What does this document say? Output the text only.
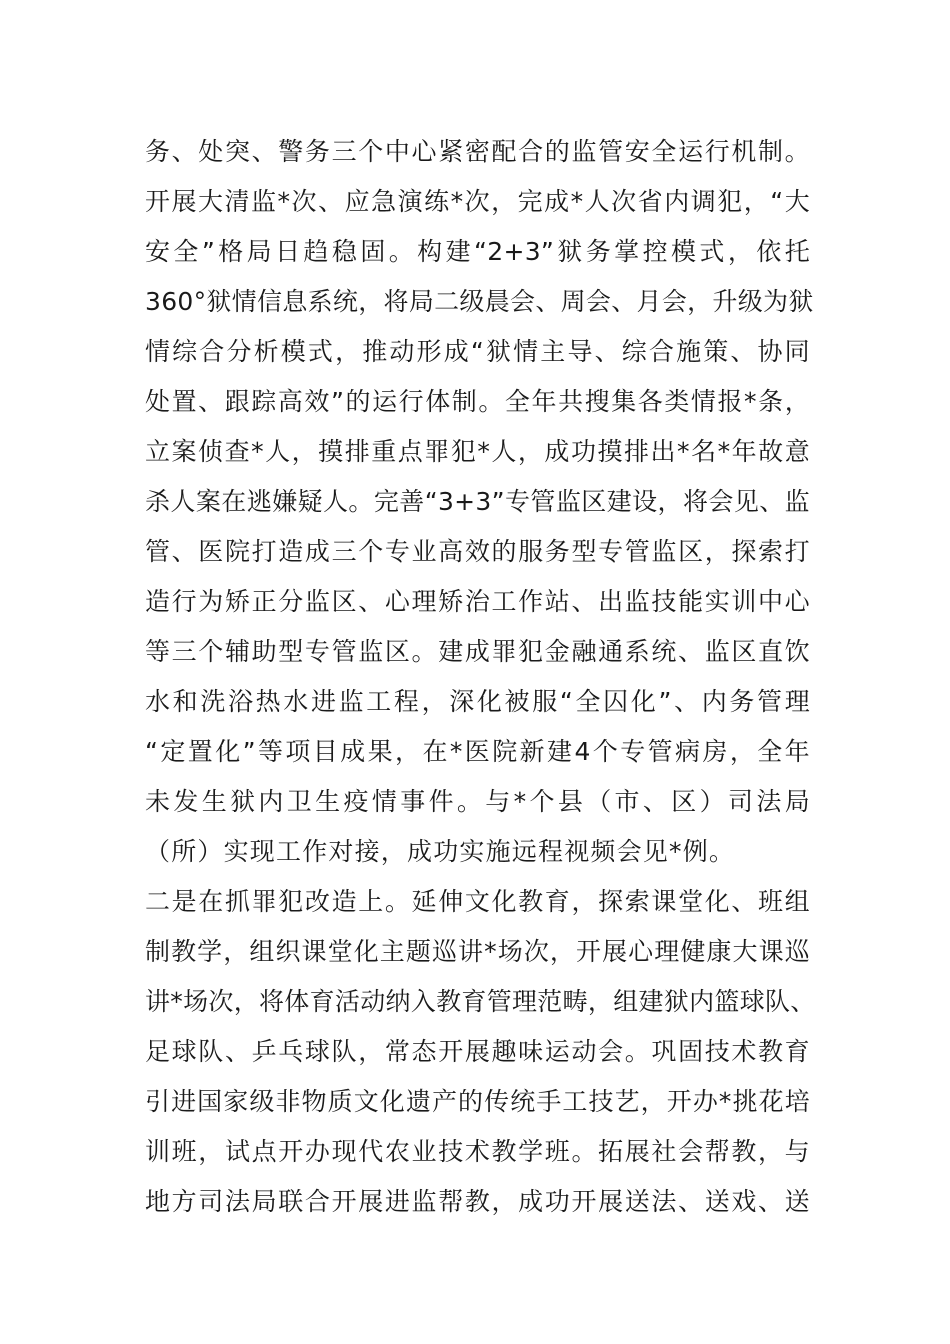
务、处突、警务三个中心紧密配合的监管安全运行机制。
开展大清监*次、应急演练*次，完成*人次省内调犯，“大
安全”格局日趋稳固。构建“2+3”狱务掌控模式，依托
360°狱情信息系统，将局二级晨会、周会、月会，升级为狱
情综合分析模式，推动形成“狱情主导、综合施策、协同
处置、跟踪高效”的运行体制。全年共搜集各类情报*条，
立案侦查*人，摸排重点罪犯*人，成功摸排出*名*年故意
杀人案在逃嫌疑人。完善“3+3”专管监区建设，将会见、监
管、医院打造成三个专业高效的服务型专管监区，探索打
造行为矫正分监区、心理矫治工作站、出监技能实训中心
等三个辅助型专管监区。建成罪犯金融通系统、监区直饮
水和洗浴热水进监工程，深化被服“全囚化”、内务管理
“定置化”等项目成果，在*医院新建4个专管病房，全年
未发生狱内卫生疫情事件。与*个县（市、区）司法局
（所）实现工作对接，成功实施远程视频会见*例。
二是在抓罪犯改造上。延伸文化教育，探索课堂化、班组
制教学，组织课堂化主题巡讲*场次，开展心理健康大课巡
讲*场次，将体育活动纳入教育管理范畴，组建狱内篮球队、
足球队、乒乓球队，常态开展趣味运动会。巩固技术教育
引进国家级非物质文化遗产的传统手工技艺，开办*挑花培
训班，试点开办现代农业技术教学班。拓展社会帮教，与
地方司法局联合开展进监帮教，成功开展送法、送戏、送
